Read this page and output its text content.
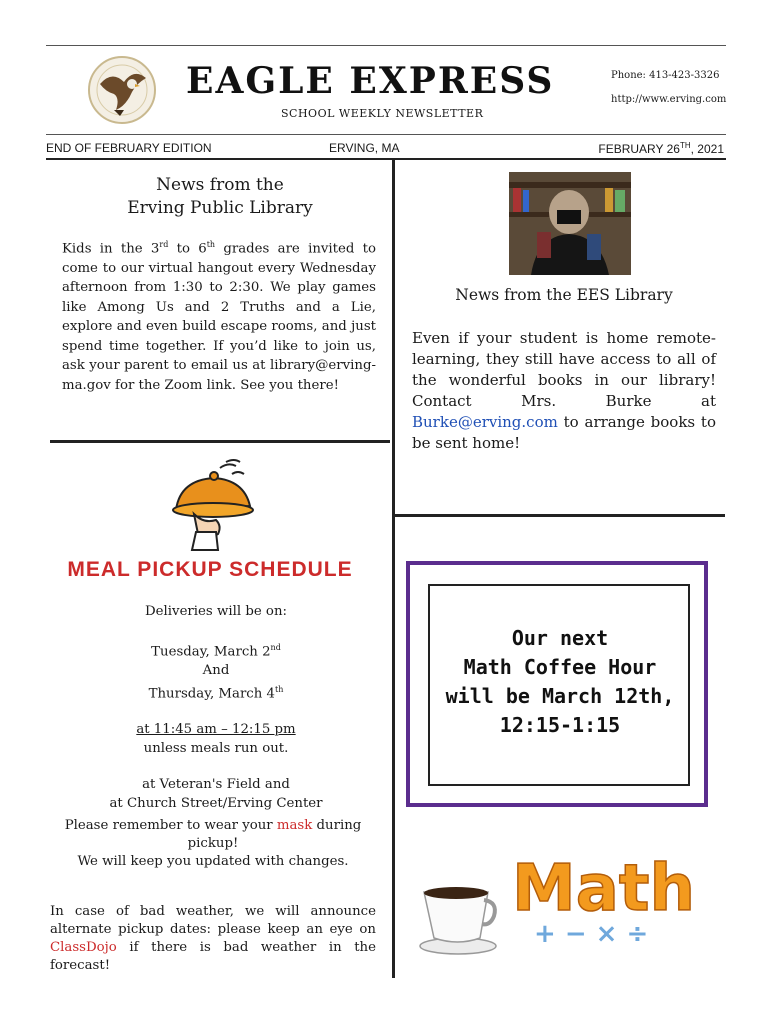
EAGLE EXPRESS
SCHOOL WEEKLY NEWSLETTER
Phone: 413-423-3326
http://www.erving.com
END OF FEBRUARY EDITION	ERVING, MA	FEBRUARY 26TH, 2021
News from the
Erving Public Library
Kids in the 3rd to 6th grades are invited to come to our virtual hangout every Wednesday afternoon from 1:30 to 2:30. We play games like Among Us and 2 Truths and a Lie, explore and even build escape rooms, and just spend time together. If you’d like to join us, ask your parent to email us at library@erving-ma.gov for the Zoom link. See you there!
MEAL PICKUP SCHEDULE
Deliveries will be on:
Tuesday, March 2nd
And
Thursday, March 4th
at 11:45 am – 12:15 pm
unless meals run out.
at Veteran's Field and
at Church Street/Erving Center
Please remember to wear your mask during pickup!
We will keep you updated with changes.
In case of bad weather, we will announce alternate pickup dates: please keep an eye on ClassDojo if there is bad weather in the forecast!
News from the EES Library
Even if your student is home remote-learning, they still have access to all of the wonderful books in our library! Contact Mrs. Burke at Burke@erving.com to arrange books to be sent home!
Our next
Math Coffee Hour
will be March 12th,
12:15-1:15
Math
+ − × ÷
